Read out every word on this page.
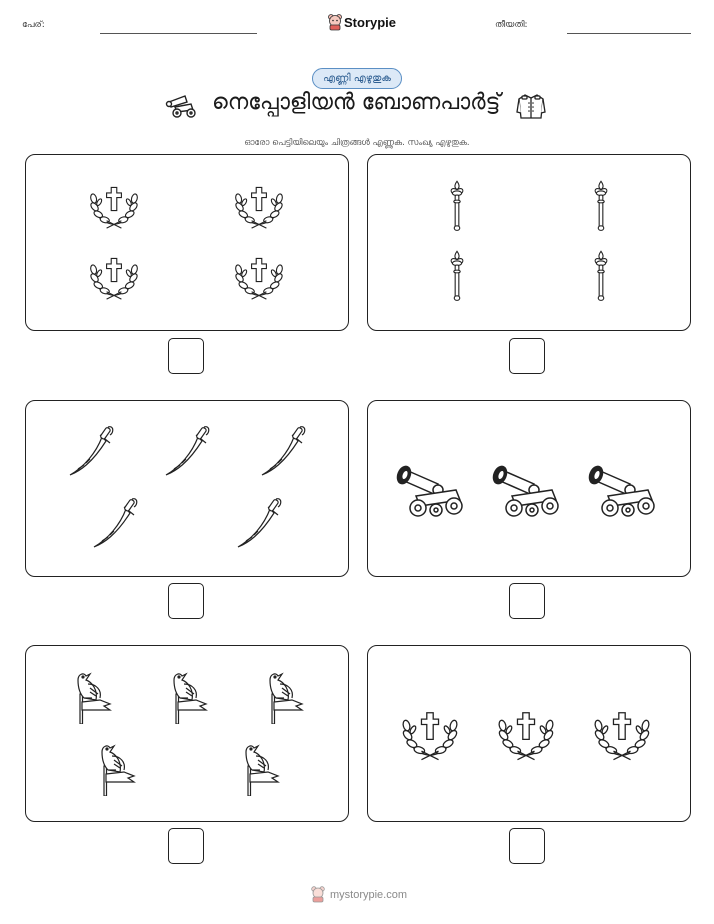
പേര്:	Storypie	തീയതി:
എണ്ണി എഴുതുക
നെപ്പോളിയൻ ബോണപാർട്ട്
ഓരോ പെട്ടിയിലെയും ചിത്രങ്ങൾ എണ്ണുക. സംഖ്യ എഴുതുക.
mystorypie.com
